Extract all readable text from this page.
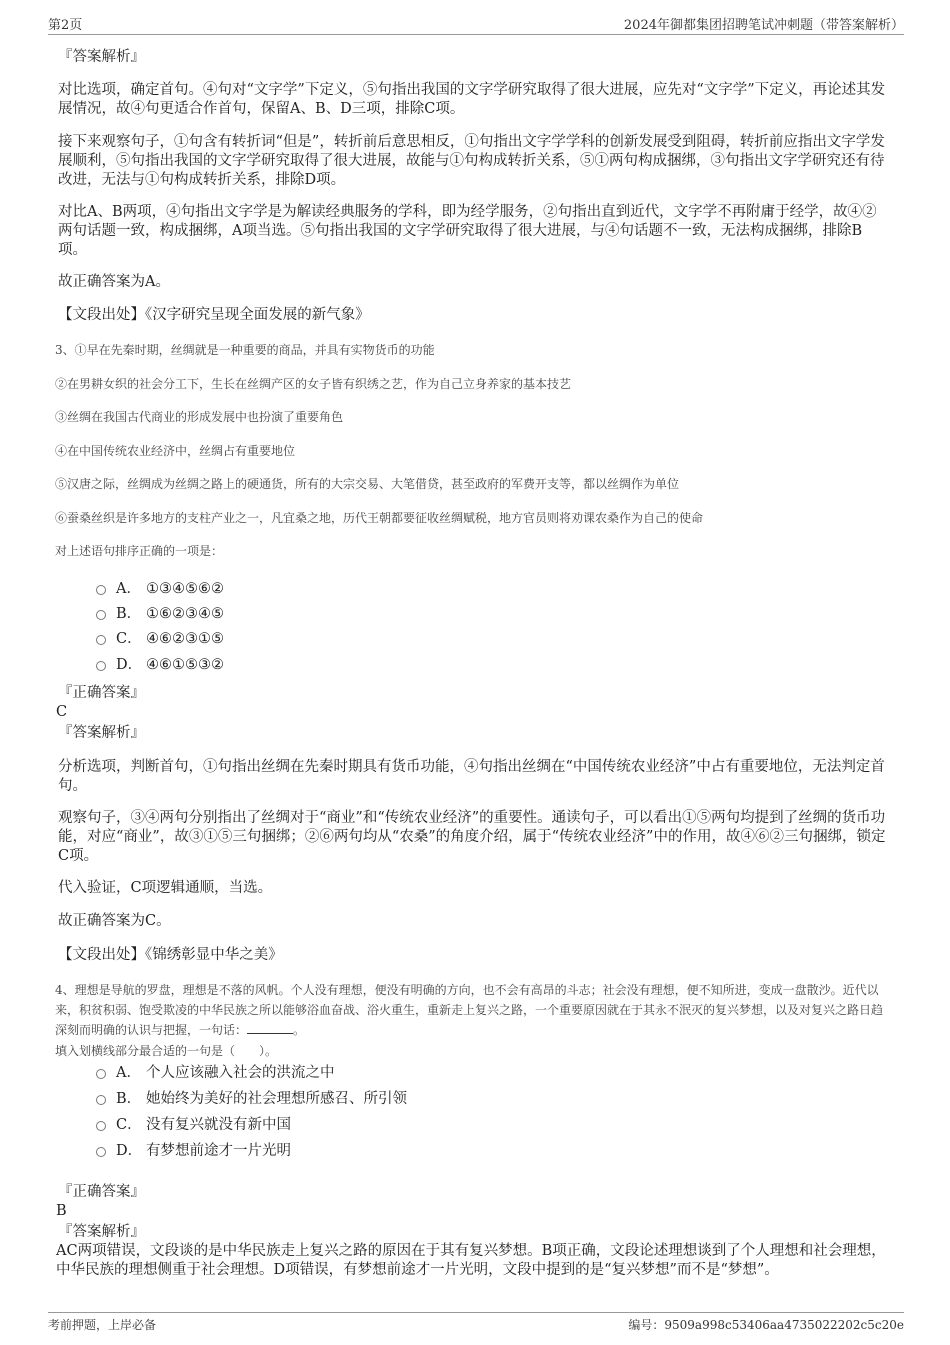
第2页	2024年御都集团招聘笔试冲刺题（带答案解析）
『答案解析』
对比选项，确定首句。④句对“文字学”下定义，⑤句指出我国的文字学研究取得了很大进展，应先对“文字学”下定义，再论述其发展情况，故④句更适合作首句，保留A、B、D三项，排除C项。
接下来观察句子，①句含有转折词“但是”，转折前后意思相反，①句指出文字学学科的创新发展受到阻碍，转折前应指出文字学发展顺利，⑤句指出我国的文字学研究取得了很大进展，故能与①句构成转折关系，⑤①两句构成捆绑，③句指出文字学研究还有待改进，无法与①句构成转折关系，排除D项。
对比A、B两项，④句指出文字学是为解读经典服务的学科，即为经学服务，②句指出直到近代，文字学不再附庸于经学，故④②两句话题一致，构成捆绑，A项当选。⑤句指出我国的文字学研究取得了很大进展，与④句话题不一致，无法构成捆绑，排除B项。
故正确答案为A。
【文段出处】《汉字研究呈现全面发展的新气象》
3、①早在先秦时期，丝绸就是一种重要的商品，并具有实物货币的功能
②在男耕女织的社会分工下，生长在丝绸产区的女子皆有织绣之艺，作为自己立身养家的基本技艺
③丝绸在我国古代商业的形成发展中也扮演了重要角色
④在中国传统农业经济中，丝绸占有重要地位
⑤汉唐之际，丝绸成为丝绸之路上的硬通货，所有的大宗交易、大笔借贷，甚至政府的军费开支等，都以丝绸作为单位
⑥蚕桑丝织是许多地方的支柱产业之一，凡宜桑之地，历代王朝都要征收丝绸赋税，地方官员则将劝课农桑作为自己的使命
对上述语句排序正确的一项是：
A． ①③④⑤⑥②
B． ①⑥②③④⑤
C． ④⑥②③①⑤
D． ④⑥①⑤③②
『正确答案』
C
『答案解析』
分析选项，判断首句，①句指出丝绸在先秦时期具有货币功能，④句指出丝绸在“中国传统农业经济”中占有重要地位，无法判定首句。
观察句子，③④两句分别指出了丝绸对于“商业”和“传统农业经济”的重要性。通读句子，可以看出①⑤两句均提到了丝绸的货币功能，对应“商业”，故③①⑤三句捆绑；②⑥两句均从“农桑”的角度介绍，属于“传统农业经济”中的作用，故④⑥②三句捆绑，锁定C项。
代入验证，C项逻辑通顺，当选。
故正确答案为C。
【文段出处】《锦绣彰显中华之美》
4、理想是导航的罗盘，理想是不落的风帆。个人没有理想，便没有明确的方向，也不会有高昂的斗志；社会没有理想，便不知所进，变成一盘散沙。近代以来，积贫积弱、饱受欺凌的中华民族之所以能够浴血奋战、浴火重生，重新走上复兴之路，一个重要原因就在于其永不泯灭的复兴梦想，以及对复兴之路日趋深刻而明确的认识与把握，一句话：	。
填入划横线部分最合适的一句是（　　）。
A． 个人应该融入社会的洪流之中
B． 她始终为美好的社会理想所感召、所引领
C． 没有复兴就没有新中国
D． 有梦想前途才一片光明
『正确答案』
B
『答案解析』
AC两项错误，文段谈的是中华民族走上复兴之路的原因在于其有复兴梦想。B项正确，文段论述理想谈到了个人理想和社会理想，中华民族的理想侧重于社会理想。D项错误，有梦想前途才一片光明，文段中提到的是“复兴梦想”而不是“梦想”。
考前押题，上岸必备	编号：9509a998c53406aa4735022202c5c20e
